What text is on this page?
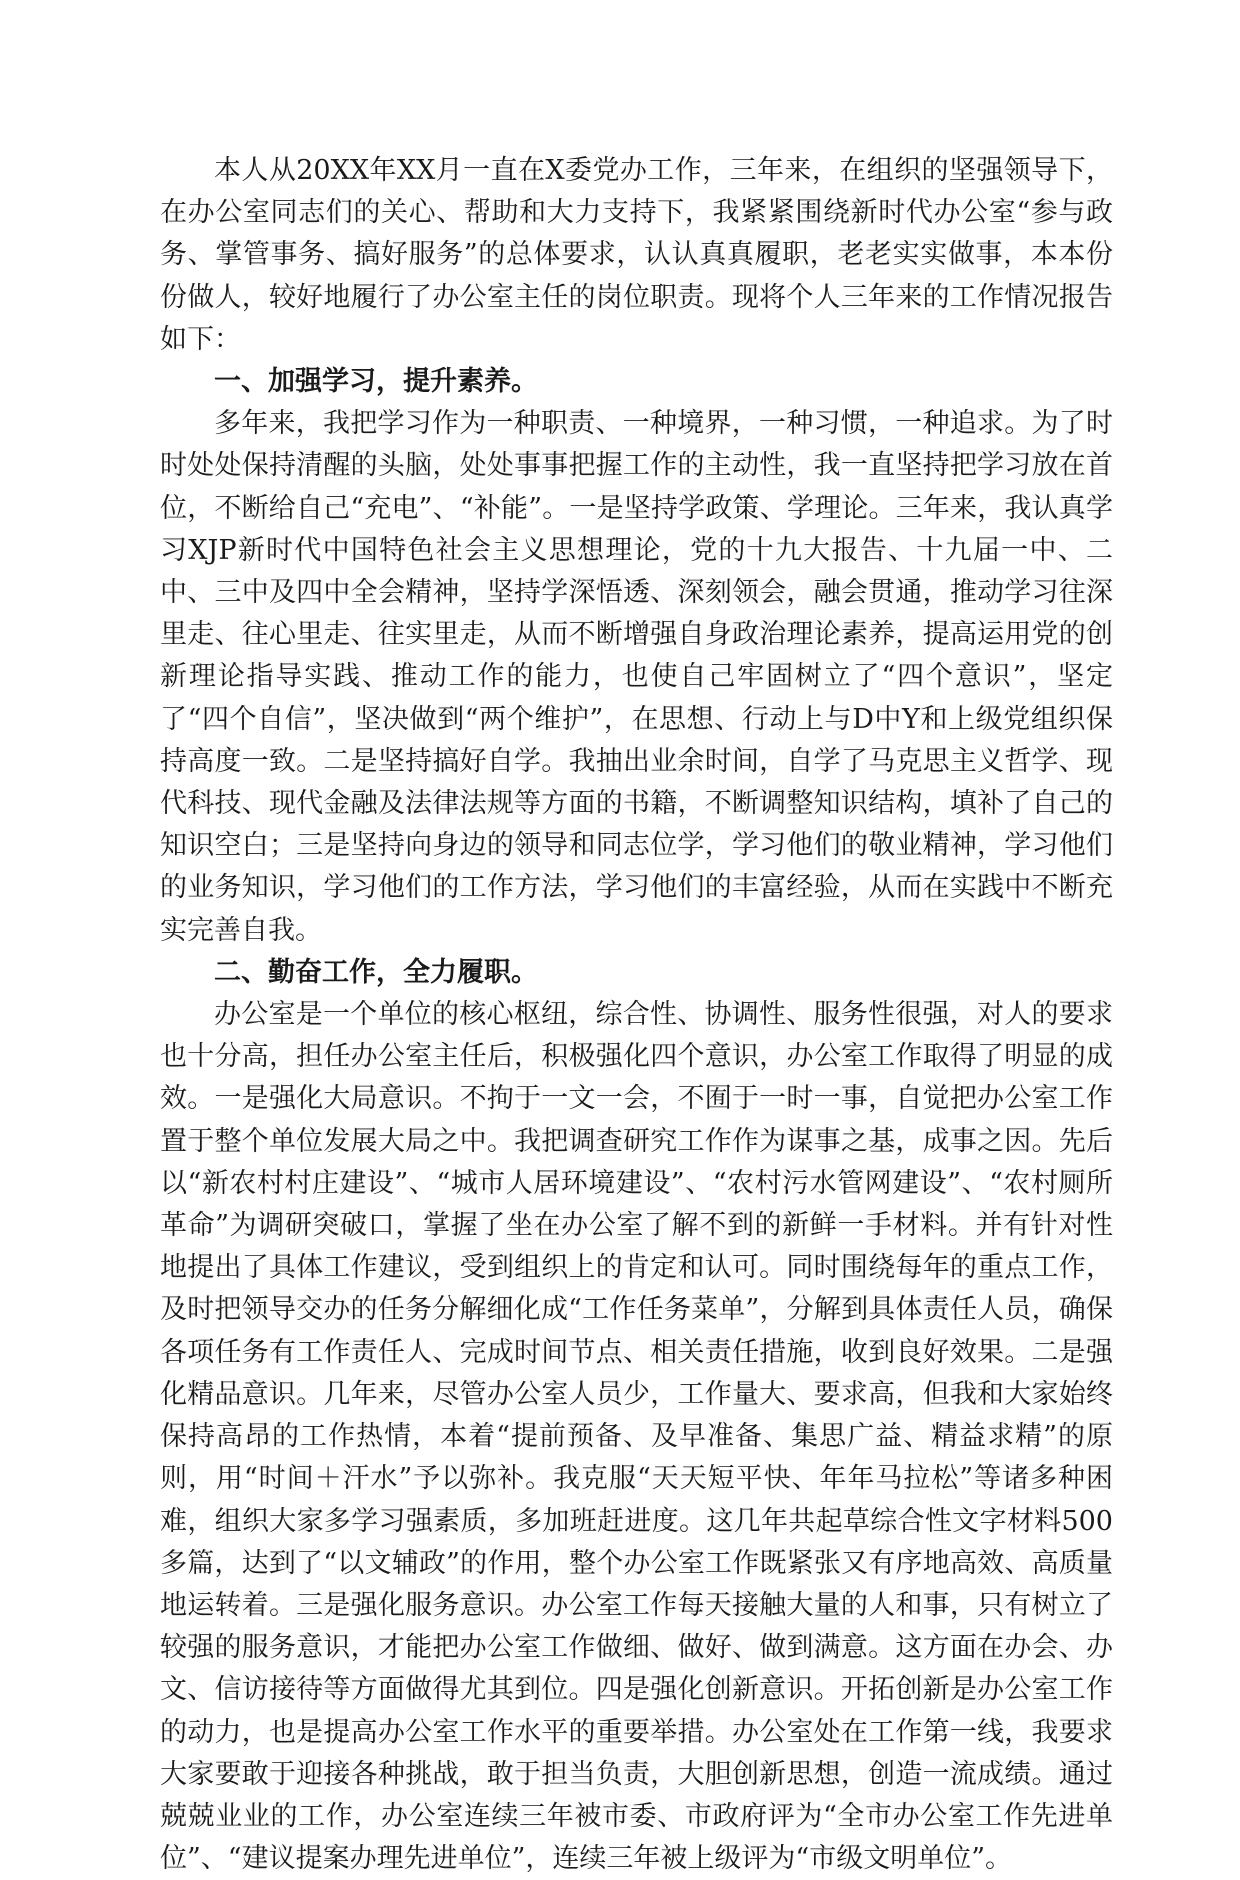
本人从20XX年XX月一直在X委党办工作，三年来，在组织的坚强领导下，在办公室同志们的关心、帮助和大力支持下，我紧紧围绕新时代办公室“参与政务、掌管事务、搞好服务”的总体要求，认认真真履职，老老实实做事，本本份份做人，较好地履行了办公室主任的岗位职责。现将个人三年来的工作情况报告如下：

一、加强学习，提升素养。

多年来，我把学习作为一种职责、一种境界，一种习惯，一种追求。为了时时处处保持清醒的头脑，处处事事把握工作的主动性，我一直坚持把学习放在首位，不断给自己“充电”、“补能”。一是坚持学政策、学理论。三年来，我认真学习XJP新时代中国特色社会主义思想理论，党的十九大报告、十九届一中、二中、三中及四中全会精神，坚持学深悟透、深刻领会，融会贯通，推动学习往深里走、往心里走、往实里走，从而不断增强自身政治理论素养，提高运用党的创新理论指导实践、推动工作的能力，也使自己牢固树立了“四个意识”，坚定了“四个自信”，坚决做到“两个维护”，在思想、行动上与D中Y和上级党组织保持高度一致。二是坚持搞好自学。我抽出业余时间，自学了马克思主义哲学、现代科技、现代金融及法律法规等方面的书籍，不断调整知识结构，填补了自己的知识空白；三是坚持向身边的领导和同志位学，学习他们的敬业精神，学习他们的业务知识，学习他们的工作方法，学习他们的丰富经验，从而在实践中不断充实完善自我。

二、勤奋工作，全力履职。

办公室是一个单位的核心枢纽，综合性、协调性、服务性很强，对人的要求也十分高，担任办公室主任后，积极强化四个意识，办公室工作取得了明显的成效。一是强化大局意识。不拘于一文一会，不囿于一时一事，自觉把办公室工作置于整个单位发展大局之中。我把调查研究工作作为谋事之基，成事之因。先后以“新农村村庄建设”、“城市人居环境建设”、“农村污水管网建设”、“农村厕所革命”为调研突破口，掌握了坐在办公室了解不到的新鲜一手材料。并有针对性地提出了具体工作建议，受到组织上的肯定和认可。同时围绕每年的重点工作，及时把领导交办的任务分解细化成“工作任务菜单”，分解到具体责任人员，确保各项任务有工作责任人、完成时间节点、相关责任措施，收到良好效果。二是强化精品意识。几年来，尽管办公室人员少，工作量大、要求高，但我和大家始终保持高昂的工作热情，本着“提前预备、及早准备、集思广益、精益求精”的原则，用“时间＋汗水”予以弥补。我克服“天天短平快、年年马拉松”等诸多种困难，组织大家多学习强素质，多加班赶进度。这几年共起草综合性文字材料500多篇，达到了“以文辅政”的作用，整个办公室工作既紧张又有序地高效、高质量地运转着。三是强化服务意识。办公室工作每天接触大量的人和事，只有树立了较强的服务意识，才能把办公室工作做细、做好、做到满意。这方面在办会、办文、信访接待等方面做得尤其到位。四是强化创新意识。开拓创新是办公室工作的动力，也是提高办公室工作水平的重要举措。办公室处在工作第一线，我要求大家要敢于迎接各种挑战，敢于担当负责，大胆创新思想，创造一流成绩。通过兢兢业业的工作，办公室连续三年被市委、市政府评为“全市办公室工作先进单位”、“建议提案办理先进单位”，连续三年被上级评为“市级文明单位”。
